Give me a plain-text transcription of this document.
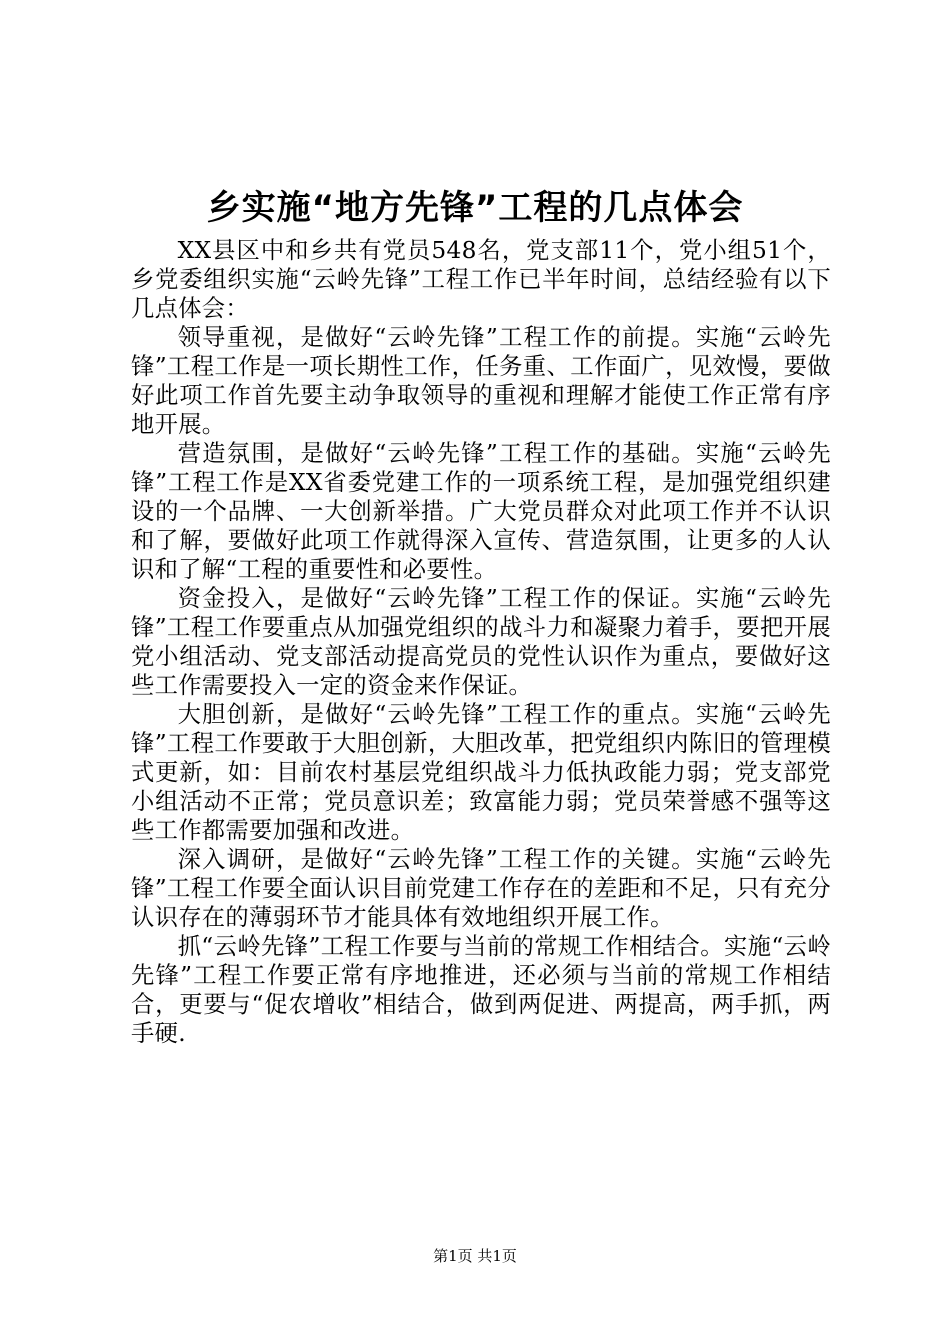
乡实施“地方先锋”工程的几点体会

XX县区中和乡共有党员548名，党支部11个，党小组51个，乡党委组织实施“云岭先锋”工程工作已半年时间，总结经验有以下几点体会：

领导重视，是做好“云岭先锋”工程工作的前提。实施“云岭先锋”工程工作是一项长期性工作，任务重、工作面广，见效慢，要做好此项工作首先要主动争取领导的重视和理解才能使工作正常有序地开展。

营造氛围，是做好“云岭先锋”工程工作的基础。实施“云岭先锋”工程工作是XX省委党建工作的一项系统工程，是加强党组织建设的一个品牌、一大创新举措。广大党员群众对此项工作并不认识和了解，要做好此项工作就得深入宣传、营造氛围，让更多的人认识和了解“工程的重要性和必要性。

资金投入，是做好“云岭先锋”工程工作的保证。实施“云岭先锋”工程工作要重点从加强党组织的战斗力和凝聚力着手，要把开展党小组活动、党支部活动提高党员的党性认识作为重点，要做好这些工作需要投入一定的资金来作保证。

大胆创新，是做好“云岭先锋”工程工作的重点。实施“云岭先锋”工程工作要敢于大胆创新，大胆改革，把党组织内陈旧的管理模式更新，如：目前农村基层党组织战斗力低执政能力弱；党支部党小组活动不正常；党员意识差；致富能力弱；党员荣誉感不强等这些工作都需要加强和改进。

深入调研，是做好“云岭先锋”工程工作的关键。实施“云岭先锋”工程工作要全面认识目前党建工作存在的差距和不足，只有充分认识存在的薄弱环节才能具体有效地组织开展工作。

抓“云岭先锋”工程工作要与当前的常规工作相结合。实施“云岭先锋”工程工作要正常有序地推进，还必须与当前的常规工作相结合，更要与“促农增收”相结合，做到两促进、两提高，两手抓，两手硬.

第1页 共1页
